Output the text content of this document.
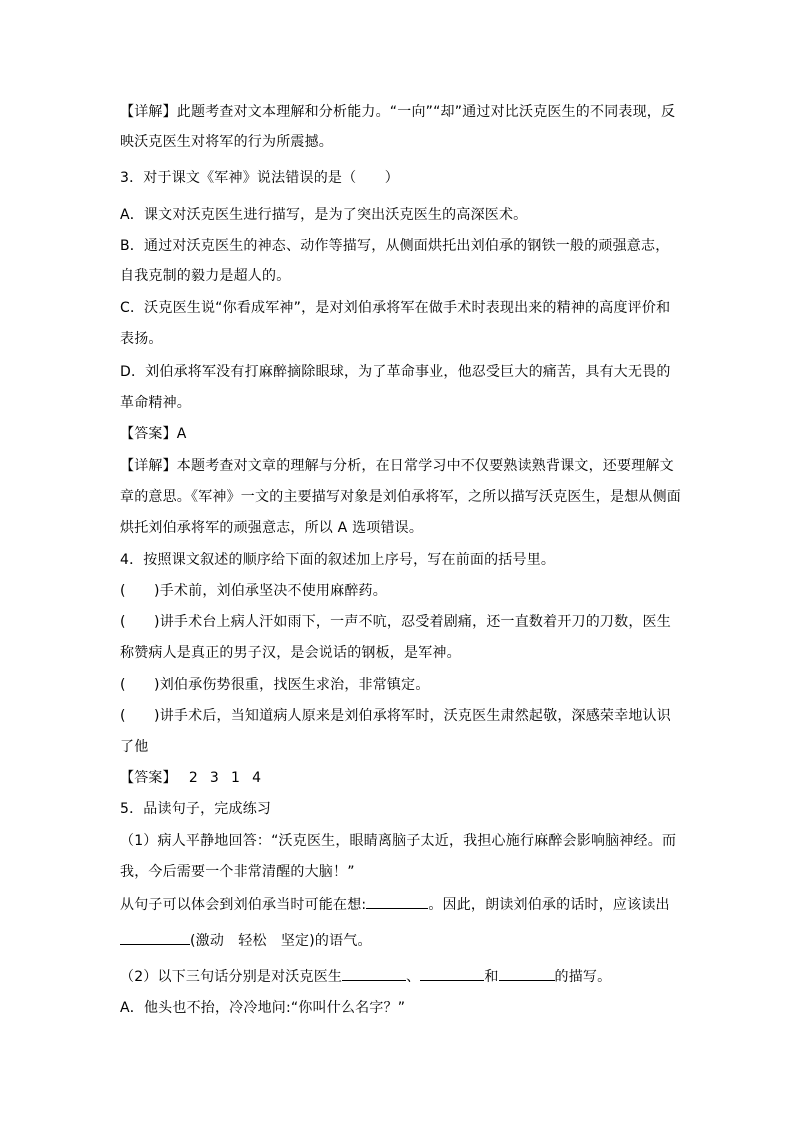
【详解】此题考查对文本理解和分析能力。“一向”“却”通过对比沃克医生的不同表现，反
映沃克医生对将军的行为所震撼。
3．对于课文《军神》说法错误的是（　　）
A．课文对沃克医生进行描写，是为了突出沃克医生的高深医术。
B．通过对沃克医生的神态、动作等描写，从侧面烘托出刘伯承的钢铁一般的顽强意志，
自我克制的毅力是超人的。
C．沃克医生说“你看成军神”，是对刘伯承将军在做手术时表现出来的精神的高度评价和
表扬。
D．刘伯承将军没有打麻醉摘除眼球，为了革命事业，他忍受巨大的痛苦，具有大无畏的
革命精神。
【答案】A
【详解】本题考查对文章的理解与分析，在日常学习中不仅要熟读熟背课文，还要理解文
章的意思。《军神》一文的主要描写对象是刘伯承将军，之所以描写沃克医生，是想从侧面
烘托刘伯承将军的顽强意志，所以 A 选项错误。
4．按照课文叙述的顺序给下面的叙述加上序号，写在前面的括号里。
(　　)手术前，刘伯承坚决不使用麻醉药。
(　　)讲手术台上病人汗如雨下，一声不吭，忍受着剧痛，还一直数着开刀的刀数，医生
称赞病人是真正的男子汉，是会说话的钢板，是军神。
(　　)刘伯承伤势很重，找医生求治，非常镇定。
(　　)讲手术后，当知道病人原来是刘伯承将军时，沃克医生肃然起敬，深感荣幸地认识
了他
【答案】 2 3 1 4
5．品读句子，完成练习
（1）病人平静地回答：“沃克医生，眼睛离脑子太近，我担心施行麻醉会影响脑神经。而
我，今后需要一个非常清醒的大脑！”
从句子可以体会到刘伯承当时可能在想:	。因此，朗读刘伯承的话时，应该读出
(激动　轻松　坚定)的语气。
（2）以下三句话分别是对沃克医生	、	和	的描写。
A．他头也不抬，冷冷地问:“你叫什么名字？”
